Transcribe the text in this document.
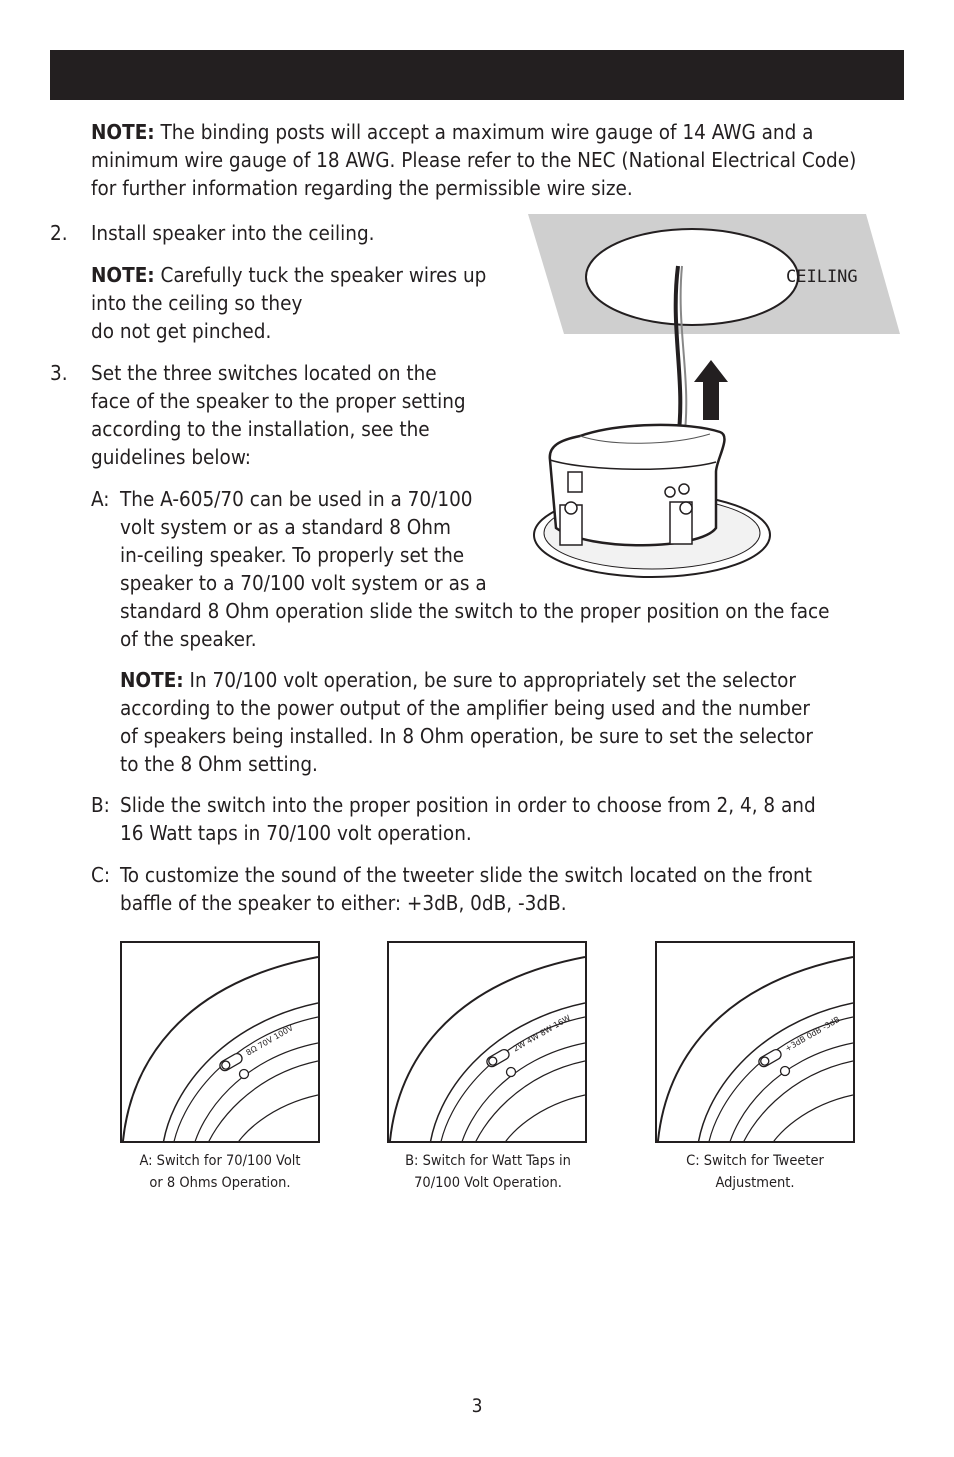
NOTE: The binding posts will accept a maximum wire gauge of 14 AWG and a
minimum wire gauge of 18 AWG. Please refer to the NEC (National Electrical Code)
for further information regarding the permissible wire size.
2. Install speaker into the ceiling.
NOTE: Carefully tuck the speaker wires up
into the ceiling so they
do not get pinched.
3. Set the three switches located on the
face of the speaker to the proper setting
according to the installation, see the
guidelines below:
A: The A-605/70 can be used in a 70/100
volt system or as a standard 8 Ohm
in-ceiling speaker. To properly set the
speaker to a 70/100 volt system or as a
standard 8 Ohm operation slide the switch to the proper position on the face
of the speaker.
NOTE: In 70/100 volt operation, be sure to appropriately set the selector
according to the power output of the amplifier being used and the number
of speakers being installed. In 8 Ohm operation, be sure to set the selector
to the 8 Ohm setting.
B: Slide the switch into the proper position in order to choose from 2, 4, 8 and
16 Watt taps in 70/100 volt operation.
C: To customize the sound of the tweeter slide the switch located on the front
baffle of the speaker to either: +3dB, 0dB, -3dB.
CEILING
8Ω 70V 100V
A: Switch for 70/100 Volt
or 8 Ohms Operation.
2W 4W 8W 16W
B: Switch for Watt Taps in
70/100 Volt Operation.
+3dB 0dB -3dB
C: Switch for Tweeter
Adjustment.
3
